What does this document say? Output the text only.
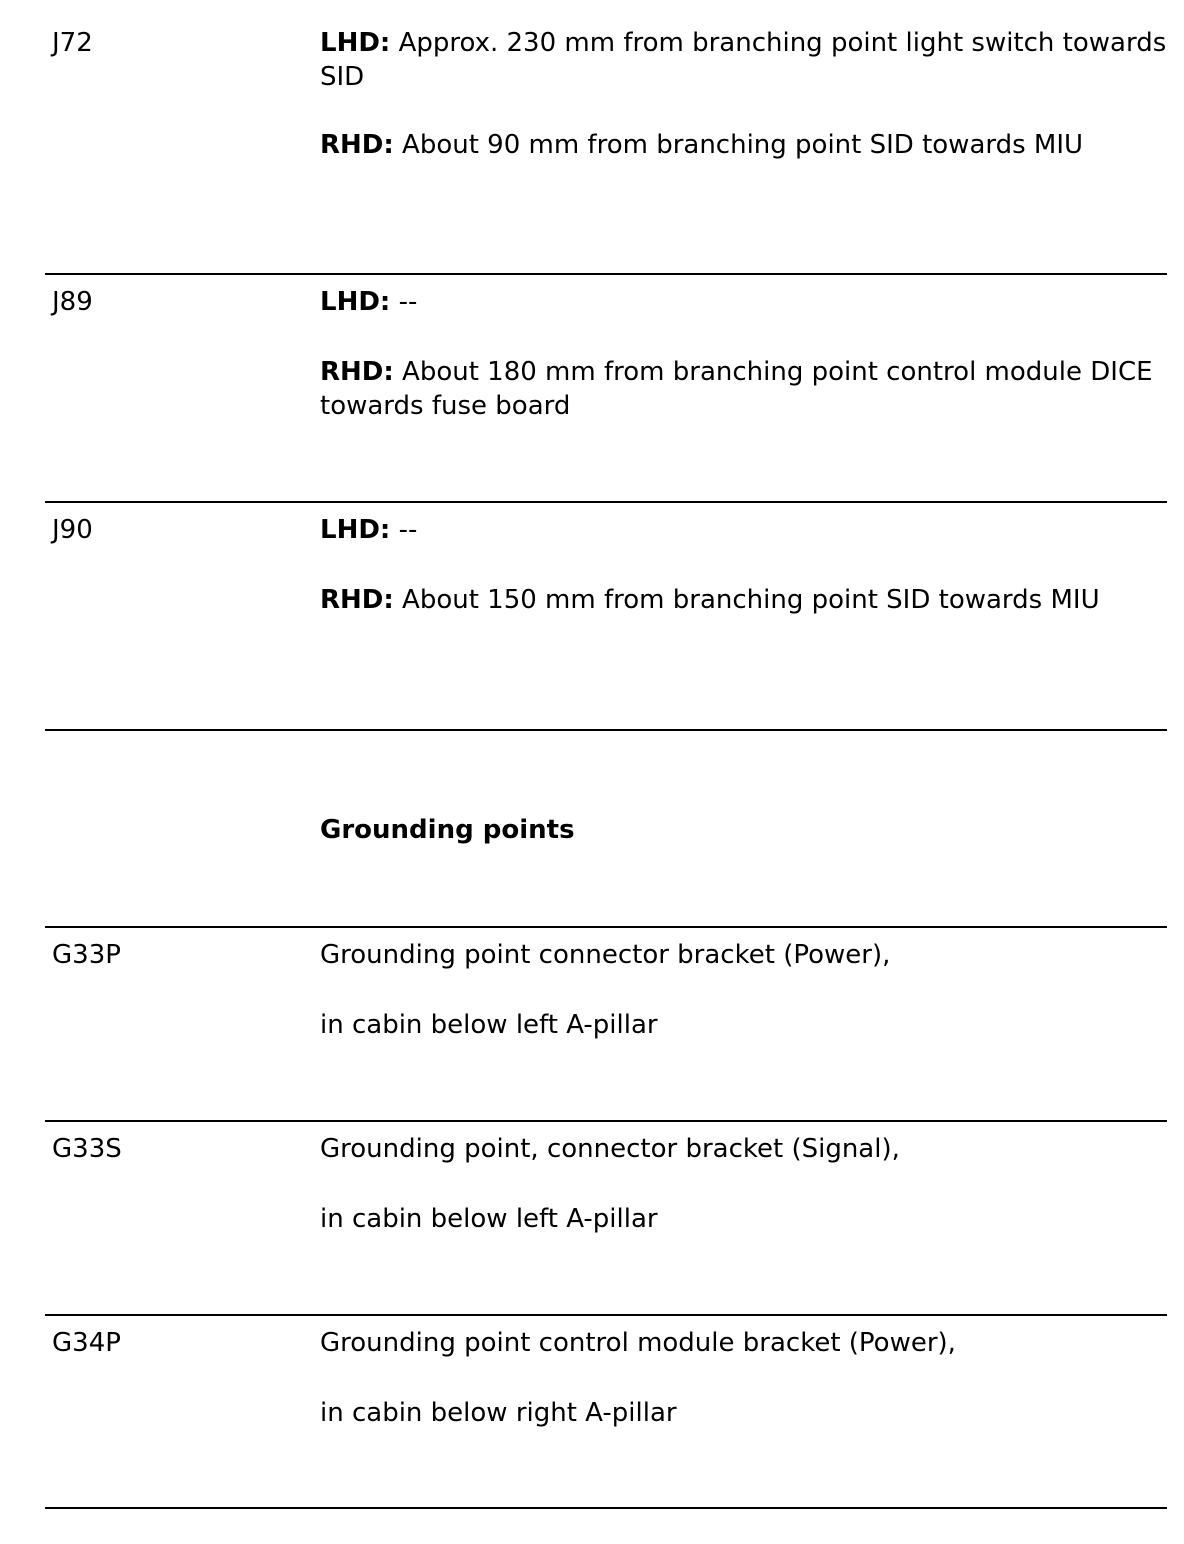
J72	LHD: Approx. 230 mm from branching point light switch towards SID
RHD: About 90 mm from branching point SID towards MIU
J89	LHD: --
RHD: About 180 mm from branching point control module DICE towards fuse board
J90	LHD: --
RHD: About 150 mm from branching point SID towards MIU
Grounding points
G33P	Grounding point connector bracket (Power),
in cabin below left A-pillar
G33S	Grounding point, connector bracket (Signal),
in cabin below left A-pillar
G34P	Grounding point control module bracket (Power),
in cabin below right A-pillar
